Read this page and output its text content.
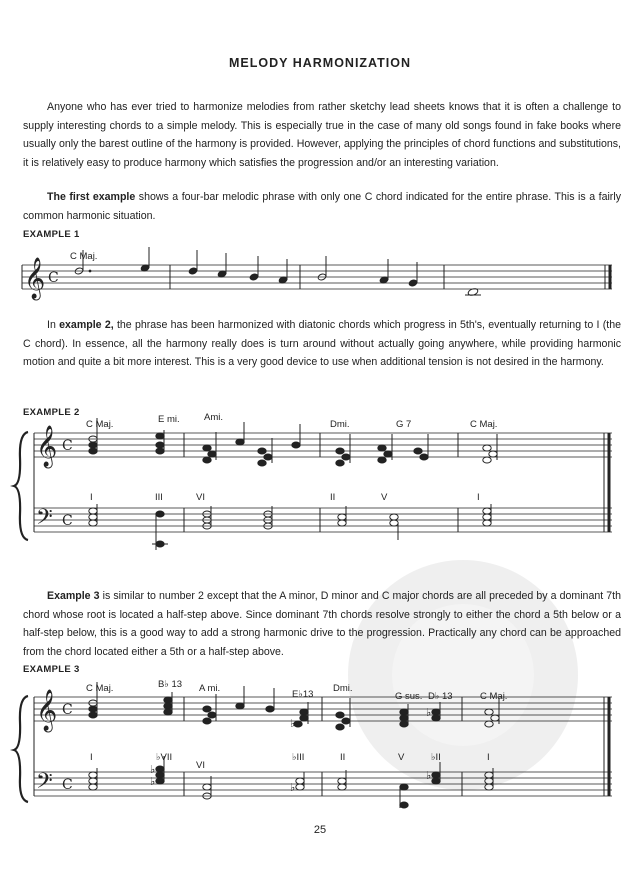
MELODY HARMONIZATION

Anyone who has ever tried to harmonize melodies from rather sketchy lead sheets knows that it is often a challenge to supply interesting chords to a simple melody. This is especially true in the case of many old songs found in fake books where usually only the barest outline of the harmony is provided. However, applying the principles of chord functions and substitutions, it is relatively easy to produce harmony which satisfies the progression and/or an interesting variation.

The first example shows a four-bar melodic phrase with only one C chord indicated for the entire phrase. This is a fairly common harmonic situation.

EXAMPLE 1
𝄞 C
C Maj.

In example 2, the phrase has been harmonized with diatonic chords which progress in 5th's, eventually returning to I (the C chord). In essence, all the harmony really does is turn around without actually going anywhere, while providing harmonic motion and quite a bit more interest. This is a very good device to use when additional tension is not desired in the harmony.

EXAMPLE 2
𝄞 C
𝄢 C
C Maj.	E mi.	Ami.
Dmi.	G 7	C Maj.
I	III	VI	II	V	I

Example 3 is similar to number 2 except that the A minor, D minor and C major chords are all preceded by a dominant 7th chord whose root is located a half-step above. Since dominant 7th chords resolve strongly to either the chord a 5th below or a half-step below, this is a good way to add a strong harmonic drive to the progression. Practically any chord can be approached from the chord located either a 5th or a half-step above.

EXAMPLE 3
𝄞 C
𝄢 C
C Maj.	B♭ 13 A mi.
E♭13
Dmi.
G sus. D♭ 13	C Maj.
I	♭VII
VI
♭III	II	V	♭II	I
♭
♭
♭
♭
♭
♭
25
